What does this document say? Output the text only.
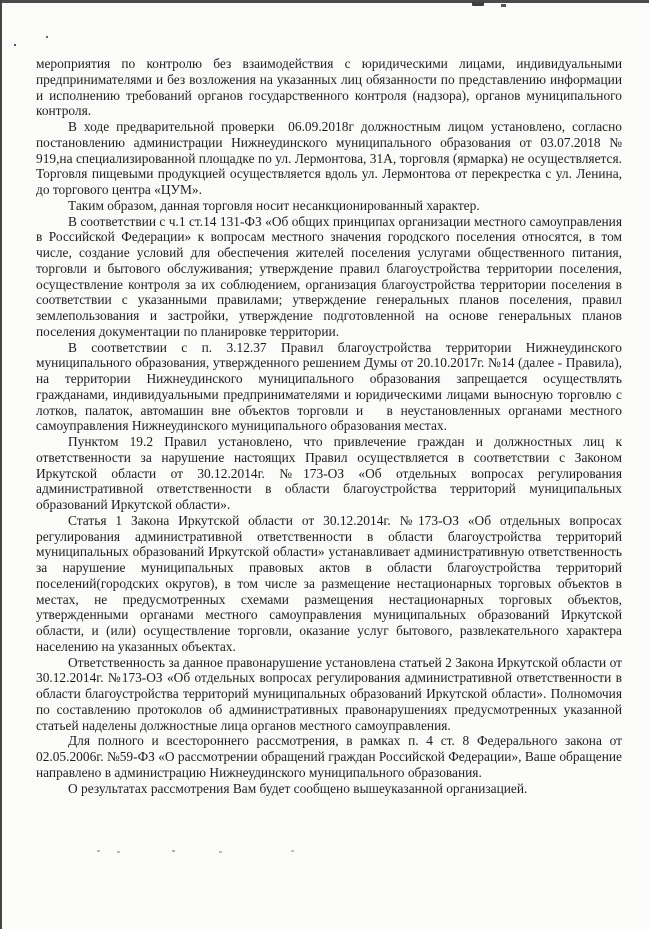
мероприятия по контролю без взаимодействия с юридическими лицами, индивидуальными предпринимателями и без возложения на указанных лиц обязанности по представлению информации и исполнению требований органов государственного контроля (надзора), органов муниципального контроля.

В ходе предварительной проверки  06.09.2018г должностным лицом установлено, согласно постановлению администрации Нижнеудинского муниципального образования от 03.07.2018 № 919,на специализированной площадке по ул. Лермонтова, 31А, торговля (ярмарка) не осуществляется. Торговля пищевыми продукцией осуществляется вдоль ул. Лермонтова от перекрестка с ул. Ленина, до торгового центра «ЦУМ».

Таким образом, данная торговля носит несанкционированный характер.

В соответствии с ч.1 ст.14 131-ФЗ «Об общих принципах организации местного самоуправления в Российской Федерации» к вопросам местного значения городского поселения относятся, в том числе, создание условий для обеспечения жителей поселения услугами общественного питания, торговли и бытового обслуживания; утверждение правил благоустройства территории поселения, осуществление контроля за их соблюдением, организация благоустройства территории поселения в соответствии с указанными правилами; утверждение генеральных планов поселения, правил землепользования и застройки, утверждение подготовленной на основе генеральных планов поселения документации по планировке территории.

В соответствии с п. 3.12.37 Правил благоустройства территории Нижнеудинского муниципального образования, утвержденного решением Думы от 20.10.2017г. №14 (далее - Правила), на территории Нижнеудинского муниципального образования запрещается осуществлять гражданами, индивидуальными предпринимателями и юридическими лицами выносную торговлю с лотков, палаток, автомашин вне объектов торговли и   в неустановленных органами местного самоуправления Нижнеудинского муниципального образования местах.

Пунктом 19.2 Правил установлено, что привлечение граждан и должностных лиц к ответственности за нарушение настоящих Правил осуществляется в соответствии с Законом Иркутской области от 30.12.2014г. №173-ОЗ «Об отдельных вопросах регулирования административной ответственности в области благоустройства территорий муниципальных образований Иркутской области».

Статья 1 Закона Иркутской области от 30.12.2014г. №173-ОЗ «Об отдельных вопросах регулирования административной ответственности в области благоустройства территорий муниципальных образований Иркутской области» устанавливает административную ответственность за нарушение муниципальных правовых актов в области благоустройства территорий поселений(городских округов), в том числе за размещение нестационарных торговых объектов в местах, не предусмотренных схемами размещения нестационарных торговых объектов, утвержденными органами местного самоуправления муниципальных образований Иркутской области, и (или) осуществление торговли, оказание услуг бытового, развлекательного характера населению на указанных объектах.

Ответственность за данное правонарушение установлена статьей 2 Закона Иркутской области от 30.12.2014г. №173-ОЗ «Об отдельных вопросах регулирования административной ответственности в области благоустройства территорий муниципальных образований Иркутской области». Полномочия по составлению протоколов об административных правонарушениях предусмотренных указанной статьей наделены должностные лица органов местного самоуправления.

Для полного и всестороннего рассмотрения, в рамках п. 4 ст. 8 Федерального закона от 02.05.2006г. №59-ФЗ «О рассмотрении обращений граждан Российской Федерации», Ваше обращение направлено в администрацию Нижнеудинского муниципального образования.

О результатах рассмотрения Вам будет сообщено вышеуказанной организацией.
